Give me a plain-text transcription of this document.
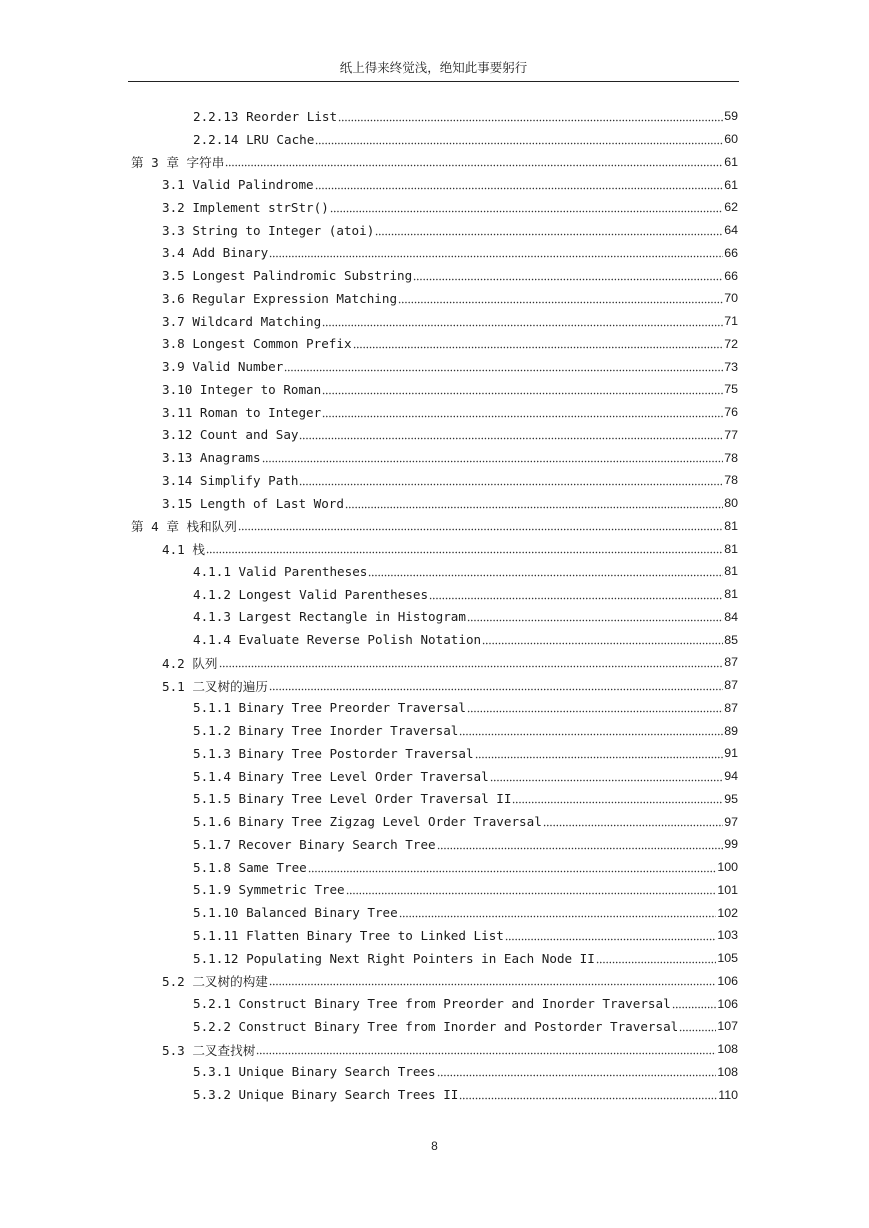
纸上得来终觉浅，绝知此事要躬行
2.2.13 Reorder List	59
2.2.14 LRU Cache	60
第 3 章 字符串	61
3.1 Valid Palindrome	61
3.2 Implement strStr()	62
3.3 String to Integer (atoi)	64
3.4 Add Binary	66
3.5 Longest Palindromic Substring	66
3.6 Regular Expression Matching	70
3.7 Wildcard Matching	71
3.8 Longest Common Prefix	72
3.9 Valid Number	73
3.10 Integer to Roman	75
3.11 Roman to Integer	76
3.12 Count and Say	77
3.13 Anagrams	78
3.14 Simplify Path	78
3.15 Length of Last Word	80
第 4 章 栈和队列	81
4.1 栈	81
4.1.1 Valid Parentheses	81
4.1.2 Longest Valid Parentheses	81
4.1.3 Largest Rectangle in Histogram	84
4.1.4 Evaluate Reverse Polish Notation	85
4.2 队列	87
5.1 二叉树的遍历	87
5.1.1 Binary Tree Preorder Traversal	87
5.1.2 Binary Tree Inorder Traversal	89
5.1.3 Binary Tree Postorder Traversal	91
5.1.4 Binary Tree Level Order Traversal	94
5.1.5 Binary Tree Level Order Traversal II	95
5.1.6 Binary Tree Zigzag Level Order Traversal	97
5.1.7 Recover Binary Search Tree	99
5.1.8 Same Tree	100
5.1.9 Symmetric Tree	101
5.1.10 Balanced Binary Tree	102
5.1.11 Flatten Binary Tree to Linked List	103
5.1.12 Populating Next Right Pointers in Each Node II	105
5.2 二叉树的构建	106
5.2.1 Construct Binary Tree from Preorder and Inorder Traversal	106
5.2.2 Construct Binary Tree from Inorder and Postorder Traversal	107
5.3 二叉查找树	108
5.3.1 Unique Binary Search Trees	108
5.3.2 Unique Binary Search Trees II	110
8
